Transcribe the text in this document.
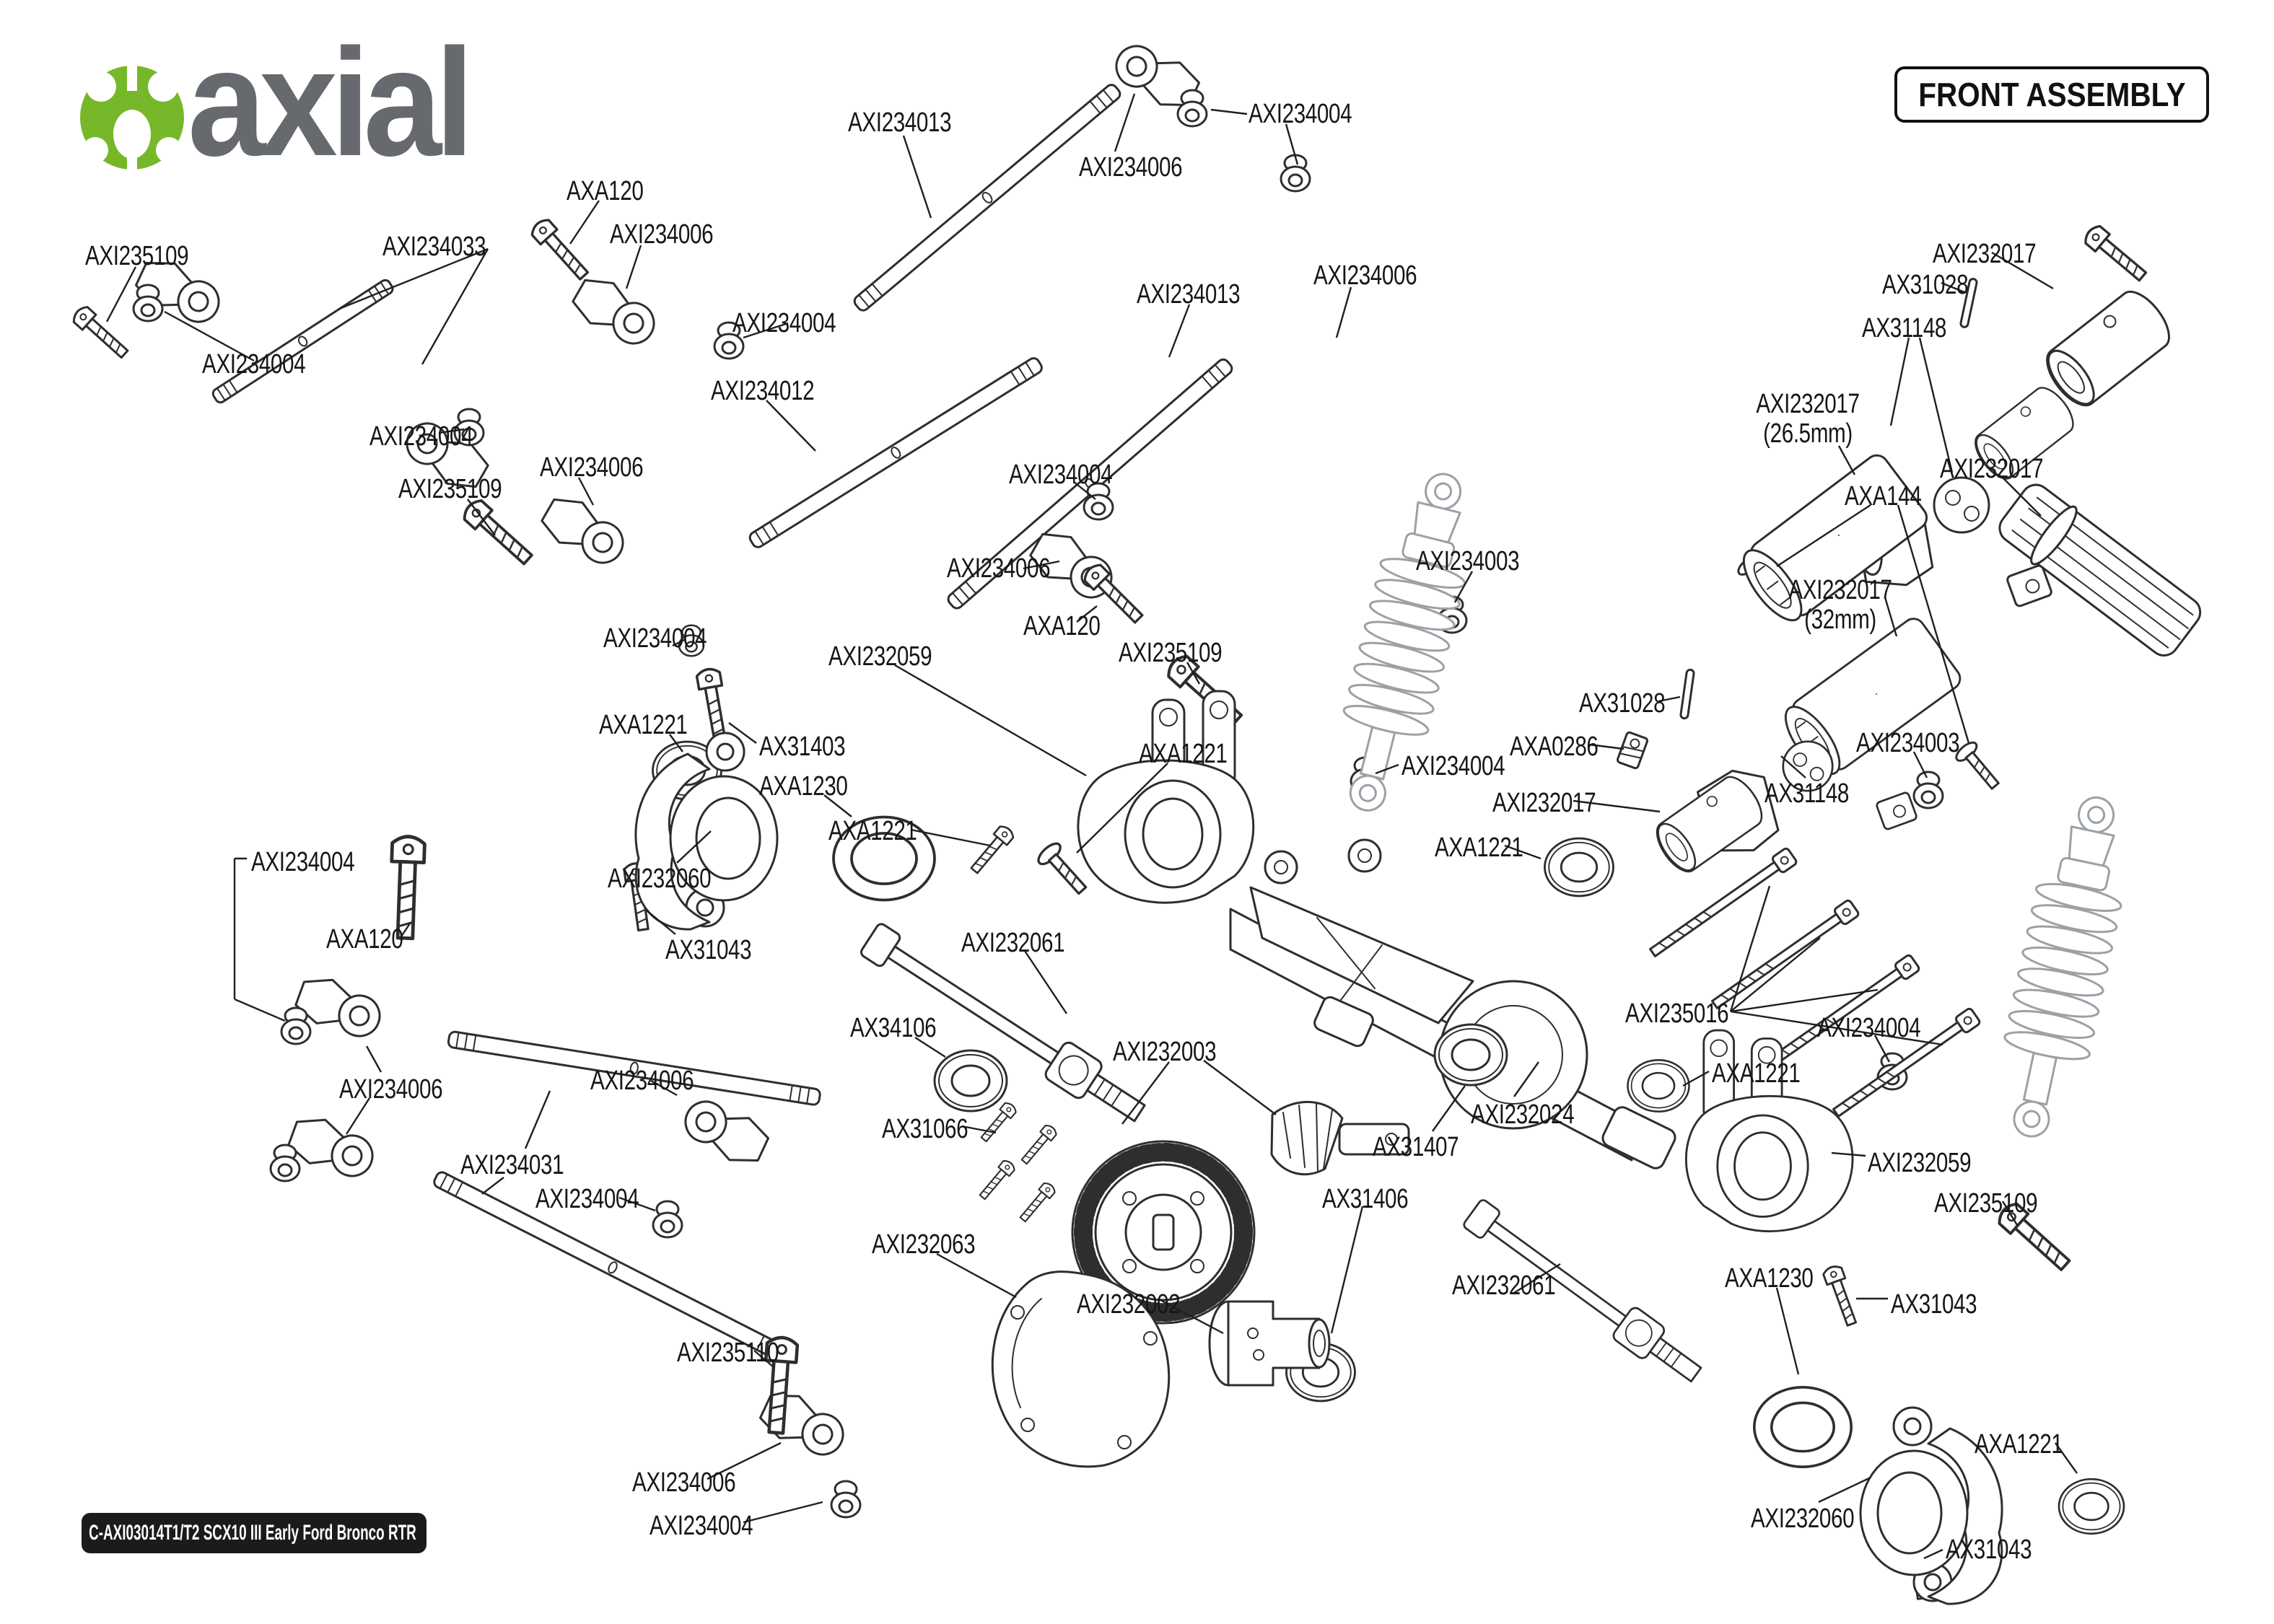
axial	FRONT ASSEMBLY
C-AXI03014T1/T2 SCX10 III Early Ford Bronco RTR
AXI235109
AXI234004
AXI234033
AXA120
AXI234006
AXI234013
AXI234006
AXI234004
AXI234004
AXI234012
AXI234004
AXI235109
AXI234006
AXI234013
AXI234006
AXI232017
AX31028
AX31148
AXI232017
(26.5mm)
AXI232017
AXA144
AXI234004
AXI234006	AXI234003
AXA120
AXI232017
(32mm)
AXI234004
AXI232059	AXI235109
AX31028
AXA1221
AX31403	AXA1221	AXI234004
AXA0286
AXI232017	AX31148
AXI234003
AXA1230
AXA1221
AXA1221
AXI232060
AXI234004
AX31043
AXA120	AXI232061
AXI235016	AXI234004
AX34106
AXI232003
AXA1221
AXI234006	AXI234006
AXI234031
AX31066
AX31407
AXI232024
AXI232059
AXI234004	AX31406
AXI232063
AXI232002
AXI235109
AXI232061	AXA1230
AX31043
AXI235110
AXA1221
AXI234006
AXI232060
AXI234004
AX31043
